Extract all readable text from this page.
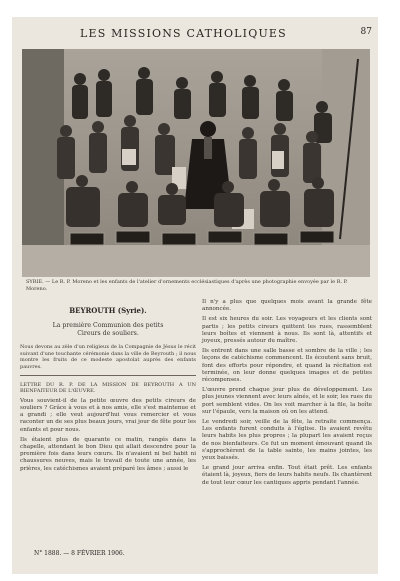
LES MISSIONS CATHOLIQUES	87
SYRIE. — Le R. P. Moreno et les enfants de l'atelier d'ornements ecclésiastiques d'après une photographie envoyée par le R. P. Moreno.
BEYROUTH (Syrie).
La première Communion des petits
Cireurs de souliers.

Nous devons au zèle d'un religieux de la Compagnie de Jésus le récit suivant d'une touchante cérémonie dans la ville de Beyrouth ; il nous montre les fruits de ce modeste apostolat auprès des enfants pauvres.

LETTRE DU R. P. DE LA MISSION DE BEYROUTH A UN BIENFAITEUR DE L'ŒUVRE.

Vous souvient-il de la petite œuvre des petits cireurs de souliers ? Grâce à vous et à nos amis, elle s'est maintenue et a grandi ; elle veut aujourd'hui vous remercier et vous raconter un de ses plus beaux jours, vrai jour de fête pour les enfants et pour nous.

Ils étaient plus de quarante ce matin, rangés dans la chapelle, attendant le bon Dieu qui allait descendre pour la première fois dans leurs cœurs. Ils n'avaient ni bel habit ni chaussures neuves, mais le travail de toute une année, les prières, les catéchismes avaient préparé les âmes ; aussi le

Il n'y a plus que quelques mois avant la grande fête annoncée.

Il est six heures du soir. Les voyageurs et les clients sont partis ; les petits cireurs quittent les rues, rassemblent leurs boîtes et viennent à nous. Ils sont là, attentifs et joyeux, pressés autour du maître.

Ils entrent dans une salle basse et sombre de la ville ; les leçons de catéchisme commencent. Ils écoutent sans bruit, font des efforts pour répondre, et quand la récitation est terminée, on leur donne quelques images et de petites récompenses.

L'œuvre prend chaque jour plus de développement. Les plus jeunes viennent avec leurs aînés, et le soir, les rues du port semblent vides. On les voit marcher à la file, la boîte sur l'épaule, vers la maison où on les attend.

Le vendredi soir, veille de la fête, la retraite commença. Les enfants furent conduits à l'église. Ils avaient revêtu leurs habits les plus propres ; la plupart les avaient reçus de nos bienfaiteurs. Ce fut un moment émouvant quand ils s'approchèrent de la table sainte, les mains jointes, les yeux baissés.

Le grand jour arriva enfin. Tout était prêt. Les enfants étaient là, joyeux, fiers de leurs habits neufs. Ils chantèrent de tout leur cœur les cantiques appris pendant l'année.

N° 1888. — 8 FÉVRIER 1906.
